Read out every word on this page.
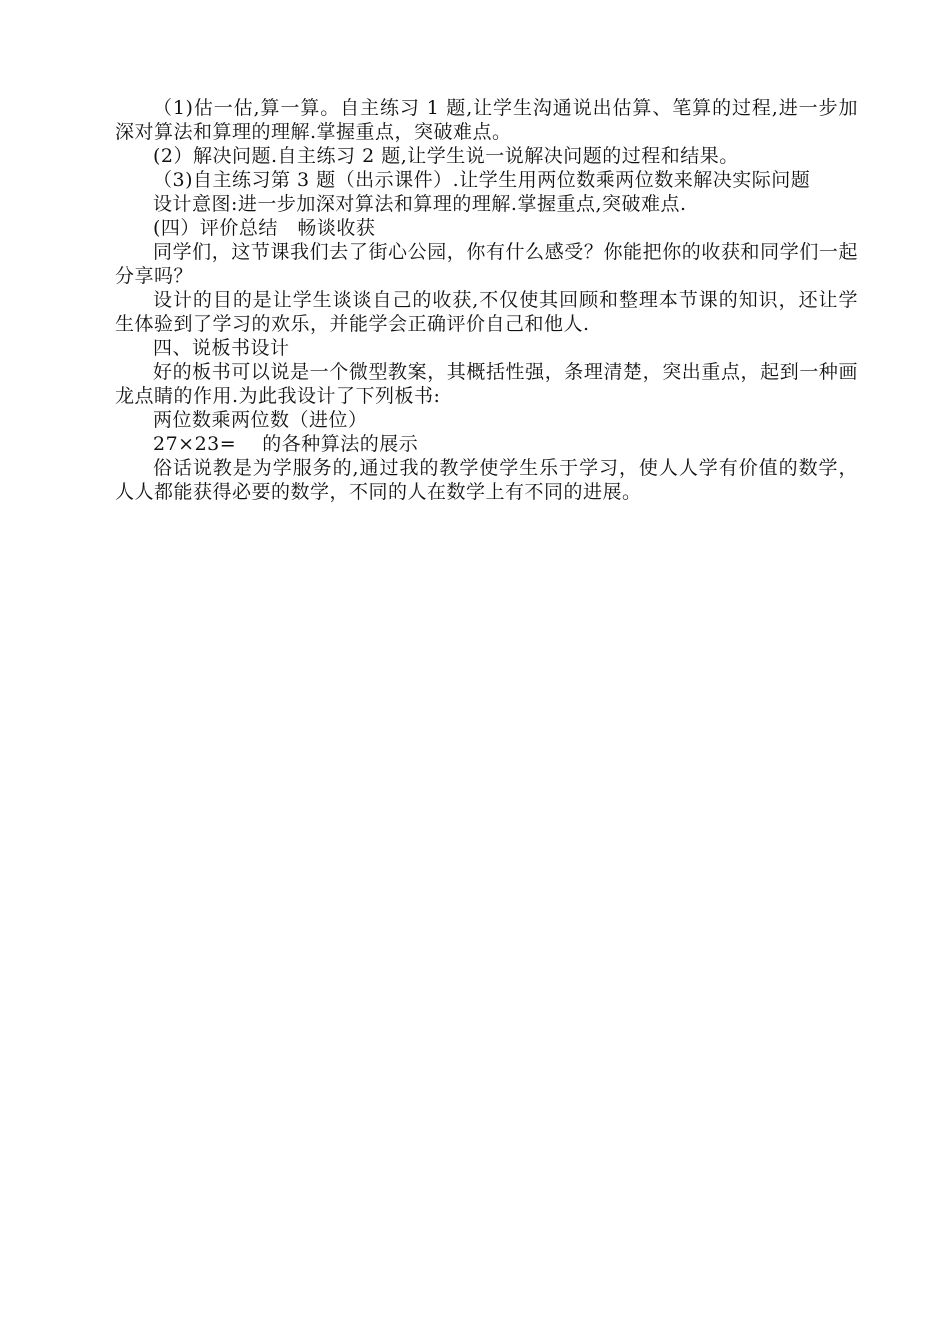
（1)估一估,算一算。自主练习 1 题,让学生沟通说出估算、笔算的过程,进一步加深对算法和算理的理解.掌握重点，突破难点。

(2）解决问题.自主练习 2 题,让学生说一说解决问题的过程和结果。

（3)自主练习第 3 题（出示课件）.让学生用两位数乘两位数来解决实际问题

设计意图:进一步加深对算法和算理的理解.掌握重点,突破难点.

(四）评价总结　畅谈收获

同学们，这节课我们去了街心公园，你有什么感受？你能把你的收获和同学们一起分享吗？

设计的目的是让学生谈谈自己的收获,不仅使其回顾和整理本节课的知识，还让学生体验到了学习的欢乐，并能学会正确评价自己和他人.

四、说板书设计

好的板书可以说是一个微型教案，其概括性强，条理清楚，突出重点，起到一种画龙点睛的作用.为此我设计了下列板书:

两位数乘两位数（进位）

27×23=　 的各种算法的展示

俗话说教是为学服务的,通过我的教学使学生乐于学习，使人人学有价值的数学，人人都能获得必要的数学，不同的人在数学上有不同的进展。
